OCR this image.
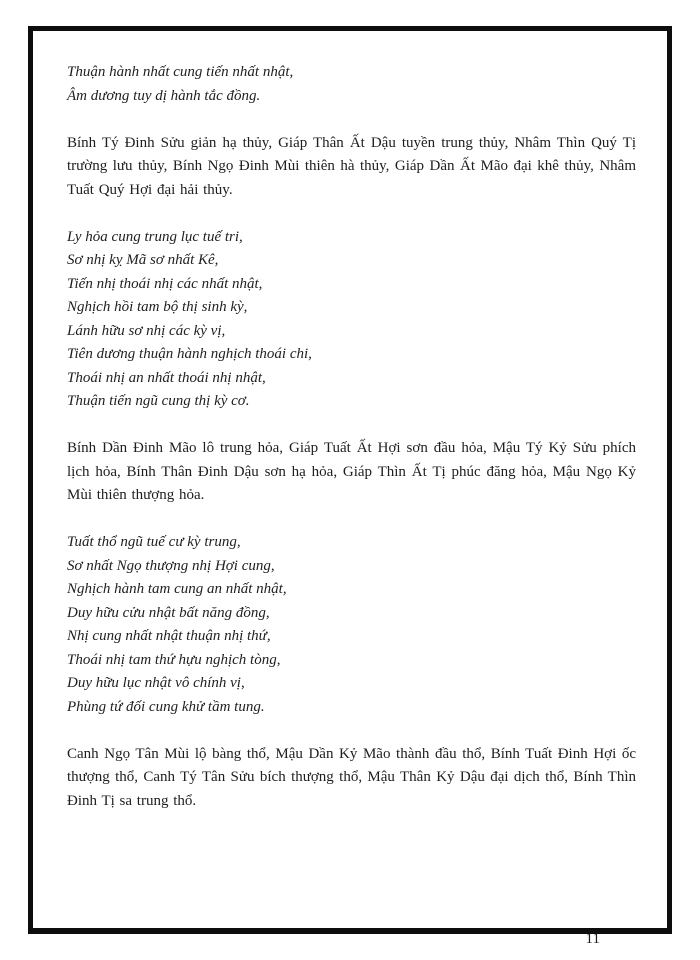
Thuận hành nhất cung tiến nhất nhật,
Âm dương tuy dị hành tắc đồng.

Bính Tý Đinh Sửu giản hạ thủy, Giáp Thân Ất Dậu tuyền trung thủy, Nhâm Thìn Quý Tị trường lưu thủy, Bính Ngọ Đinh Mùi thiên hà thủy, Giáp Dần Ất Mão đại khê thủy, Nhâm Tuất Quý Hợi đại hải thủy.

Ly hỏa cung trung lục tuế tri,
Sơ nhị kỵ Mã sơ nhất Kê,
Tiến nhị thoái nhị các nhất nhật,
Nghịch hồi tam bộ thị sinh kỳ,
Lánh hữu sơ nhị các kỳ vị,
Tiên dương thuận hành nghịch thoái chi,
Thoái nhị an nhất thoái nhị nhật,
Thuận tiến ngũ cung thị kỳ cơ.

Bính Dần Đinh Mão lô trung hỏa, Giáp Tuất Ất Hợi sơn đầu hỏa, Mậu Tý Kỷ Sửu phích lịch hỏa, Bính Thân Đinh Dậu sơn hạ hỏa, Giáp Thìn Ất Tị phúc đăng hỏa, Mậu Ngọ Kỷ Mùi thiên thượng hỏa.

Tuất thổ ngũ tuế cư kỳ trung,
Sơ nhất Ngọ thượng nhị Hợi cung,
Nghịch hành tam cung an nhất nhật,
Duy hữu cửu nhật bất năng đồng,
Nhị cung nhất nhật thuận nhị thứ,
Thoái nhị tam thứ hựu nghịch tòng,
Duy hữu lục nhật vô chính vị,
Phùng tứ đối cung khử tầm tung.

Canh Ngọ Tân Mùi lộ bàng thổ, Mậu Dần Kỷ Mão thành đầu thổ, Bính Tuất Đinh Hợi ốc thượng thổ, Canh Tý Tân Sửu bích thượng thổ, Mậu Thân Kỷ Dậu đại dịch thổ, Bính Thìn Đinh Tị sa trung thổ.

11
